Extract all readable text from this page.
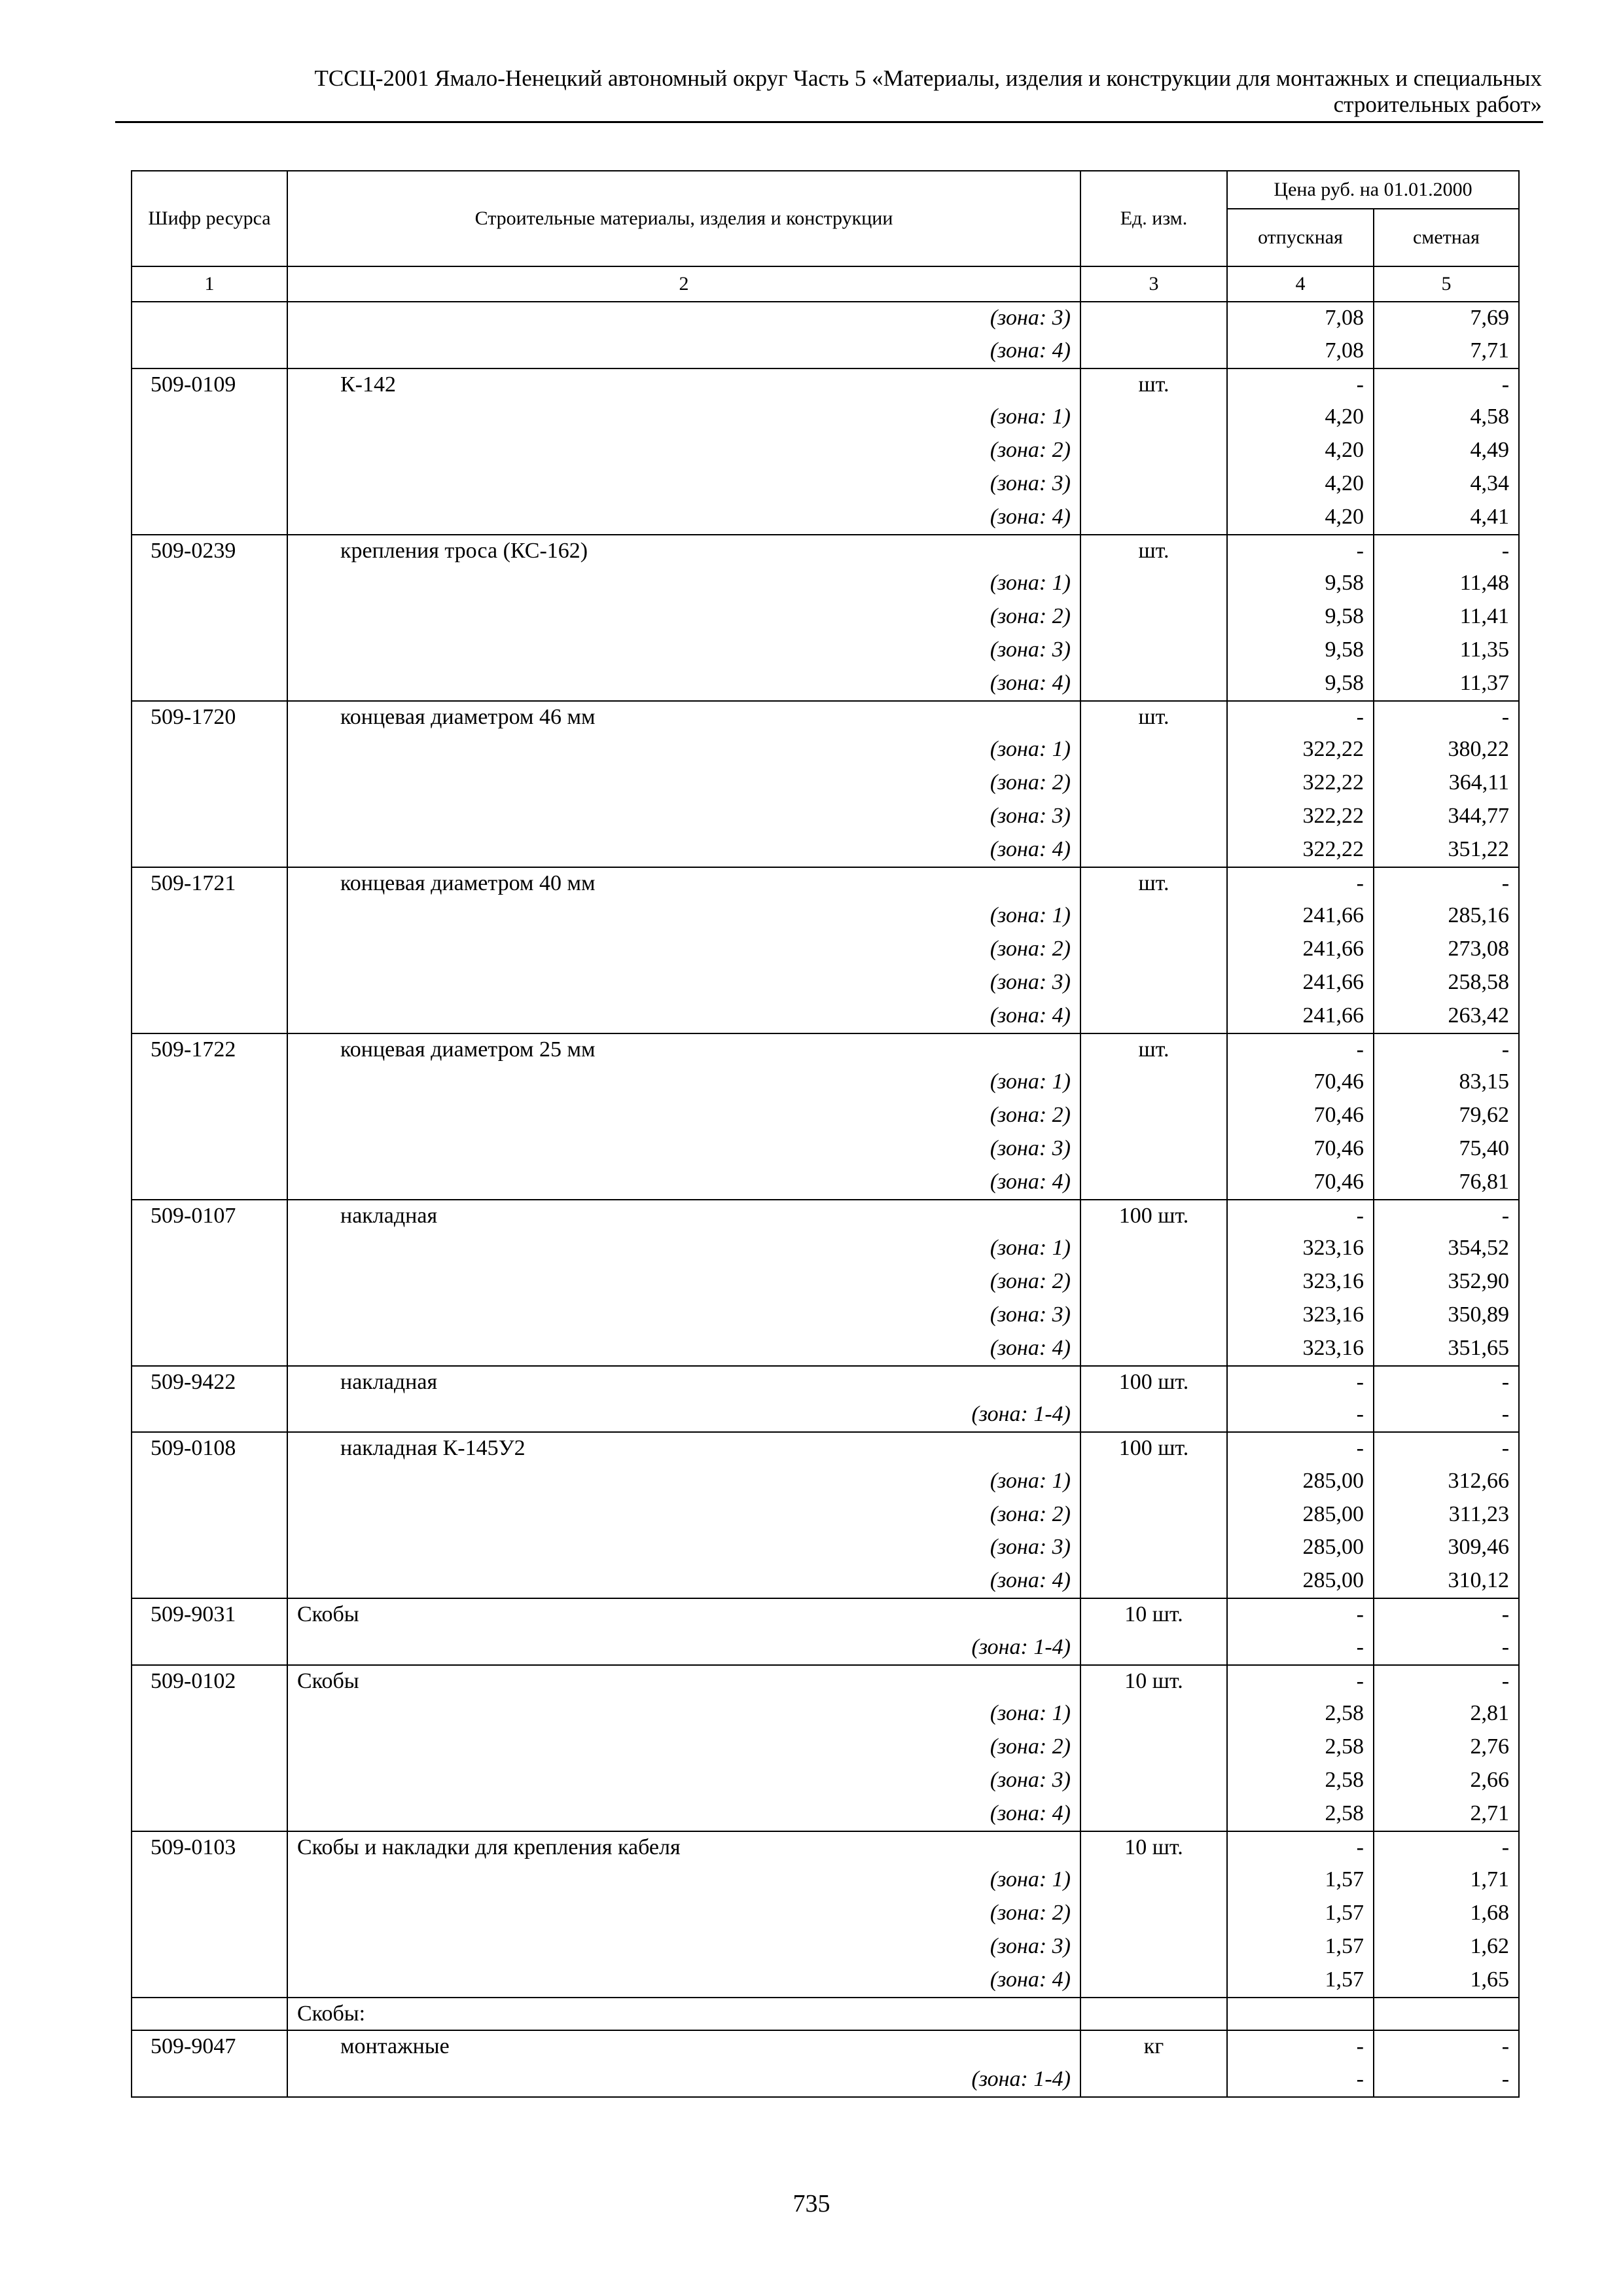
ТССЦ-2001 Ямало-Ненецкий автономный округ Часть 5 «Материалы, изделия и конструкции для монтажных и специальных
строительных работ»
Шифр ресурса	Строительные материалы, изделия и конструкции	Ед. изм.	Цена руб. на 01.01.2000	
			отпускная	сметная
1	2	3	4	5
	(зона: 3)		7,08	7,69
	(зона: 4)		7,08	7,71
509-0109	К-142	шт.	-	-
	(зона: 1)		4,20	4,58
	(зона: 2)		4,20	4,49
	(зона: 3)		4,20	4,34
	(зона: 4)		4,20	4,41
509-0239	крепления троса (КС-162)	шт.	-	-
	(зона: 1)		9,58	11,48
	(зона: 2)		9,58	11,41
	(зона: 3)		9,58	11,35
	(зона: 4)		9,58	11,37
509-1720	концевая диаметром 46 мм	шт.	-	-
	(зона: 1)		322,22	380,22
	(зона: 2)		322,22	364,11
	(зона: 3)		322,22	344,77
	(зона: 4)		322,22	351,22
509-1721	концевая диаметром 40 мм	шт.	-	-
	(зона: 1)		241,66	285,16
	(зона: 2)		241,66	273,08
	(зона: 3)		241,66	258,58
	(зона: 4)		241,66	263,42
509-1722	концевая диаметром 25 мм	шт.	-	-
	(зона: 1)		70,46	83,15
	(зона: 2)		70,46	79,62
	(зона: 3)		70,46	75,40
	(зона: 4)		70,46	76,81
509-0107	накладная	100 шт.	-	-
	(зона: 1)		323,16	354,52
	(зона: 2)		323,16	352,90
	(зона: 3)		323,16	350,89
	(зона: 4)		323,16	351,65
509-9422	накладная	100 шт.	-	-
	(зона: 1-4)		-	-
509-0108	накладная К-145У2	100 шт.	-	-
	(зона: 1)		285,00	312,66
	(зона: 2)		285,00	311,23
	(зона: 3)		285,00	309,46
	(зона: 4)		285,00	310,12
509-9031	Скобы	10 шт.	-	-
	(зона: 1-4)		-	-
509-0102	Скобы	10 шт.	-	-
	(зона: 1)		2,58	2,81
	(зона: 2)		2,58	2,76
	(зона: 3)		2,58	2,66
	(зона: 4)		2,58	2,71
509-0103	Скобы и накладки для крепления кабеля	10 шт.	-	-
	(зона: 1)		1,57	1,71
	(зона: 2)		1,57	1,68
	(зона: 3)		1,57	1,62
	(зона: 4)		1,57	1,65
	Скобы:			
509-9047	монтажные	кг	-	-
	(зона: 1-4)		-	-
735
